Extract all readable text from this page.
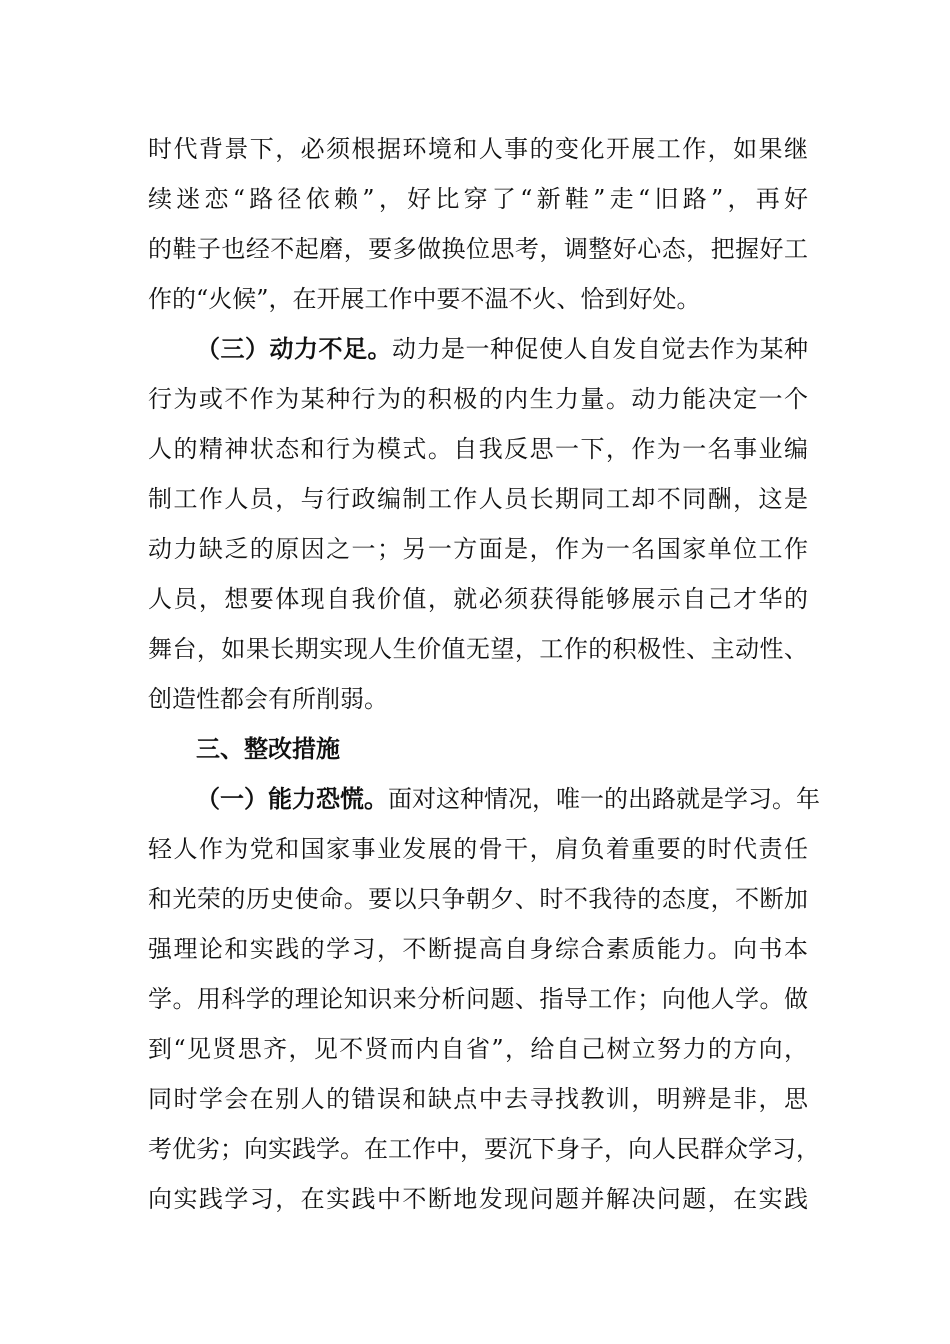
时代背景下，必须根据环境和人事的变化开展工作，如果继
续迷恋“路径依赖”，好比穿了“新鞋”走“旧路”，再好
的鞋子也经不起磨，要多做换位思考，调整好心态，把握好工
作的“火候”，在开展工作中要不温不火、恰到好处。
（三）动力不足。动力是一种促使人自发自觉去作为某种
行为或不作为某种行为的积极的内生力量。动力能决定一个
人的精神状态和行为模式。自我反思一下，作为一名事业编
制工作人员，与行政编制工作人员长期同工却不同酬，这是
动力缺乏的原因之一；另一方面是，作为一名国家单位工作
人员，想要体现自我价值，就必须获得能够展示自己才华的
舞台，如果长期实现人生价值无望，工作的积极性、主动性、
创造性都会有所削弱。
三、整改措施
（一）能力恐慌。面对这种情况，唯一的出路就是学习。年
轻人作为党和国家事业发展的骨干，肩负着重要的时代责任
和光荣的历史使命。要以只争朝夕、时不我待的态度，不断加
强理论和实践的学习，不断提高自身综合素质能力。向书本
学。用科学的理论知识来分析问题、指导工作；向他人学。做
到“见贤思齐，见不贤而内自省”，给自己树立努力的方向，
同时学会在别人的错误和缺点中去寻找教训，明辨是非，思
考优劣；向实践学。在工作中，要沉下身子，向人民群众学习，
向实践学习，在实践中不断地发现问题并解决问题，在实践
